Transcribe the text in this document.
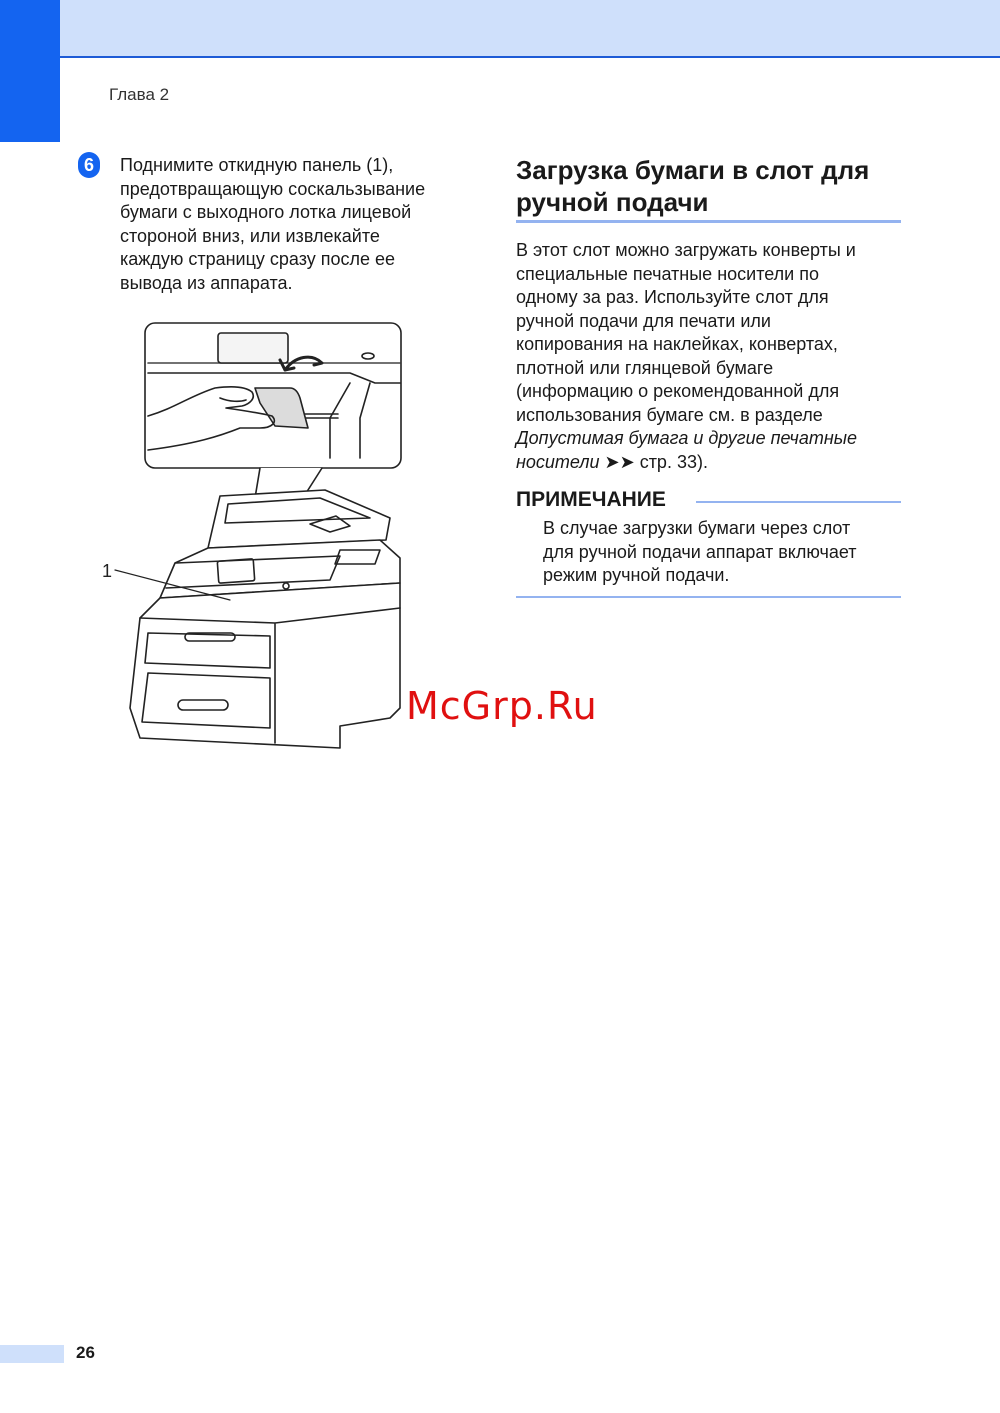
Глава 2
6	Поднимите откидную панель (1),

предотвращающую соскальзывание

бумаги с выходного лотка лицевой

стороной вниз, или извлекайте

каждую страницу сразу после ее

вывода из аппарата.

1
Загрузка бумаги в слот для
ручной подачи

В этот слот можно загружать конверты и

специальные печатные носители по

одному за раз. Используйте слот для

ручной подачи для печати или

копирования на наклейках, конвертах,

плотной или глянцевой бумаге

(информацию о рекомендованной для

использования бумаге см. в разделе

Допустимая бумага и другие печатные

носители ➤➤ стр. 33).

ПРИМЕЧАНИЕ

В случае загрузки бумаги через слот

для ручной подачи аппарат включает

режим ручной подачи.

McGrp.Ru
26
